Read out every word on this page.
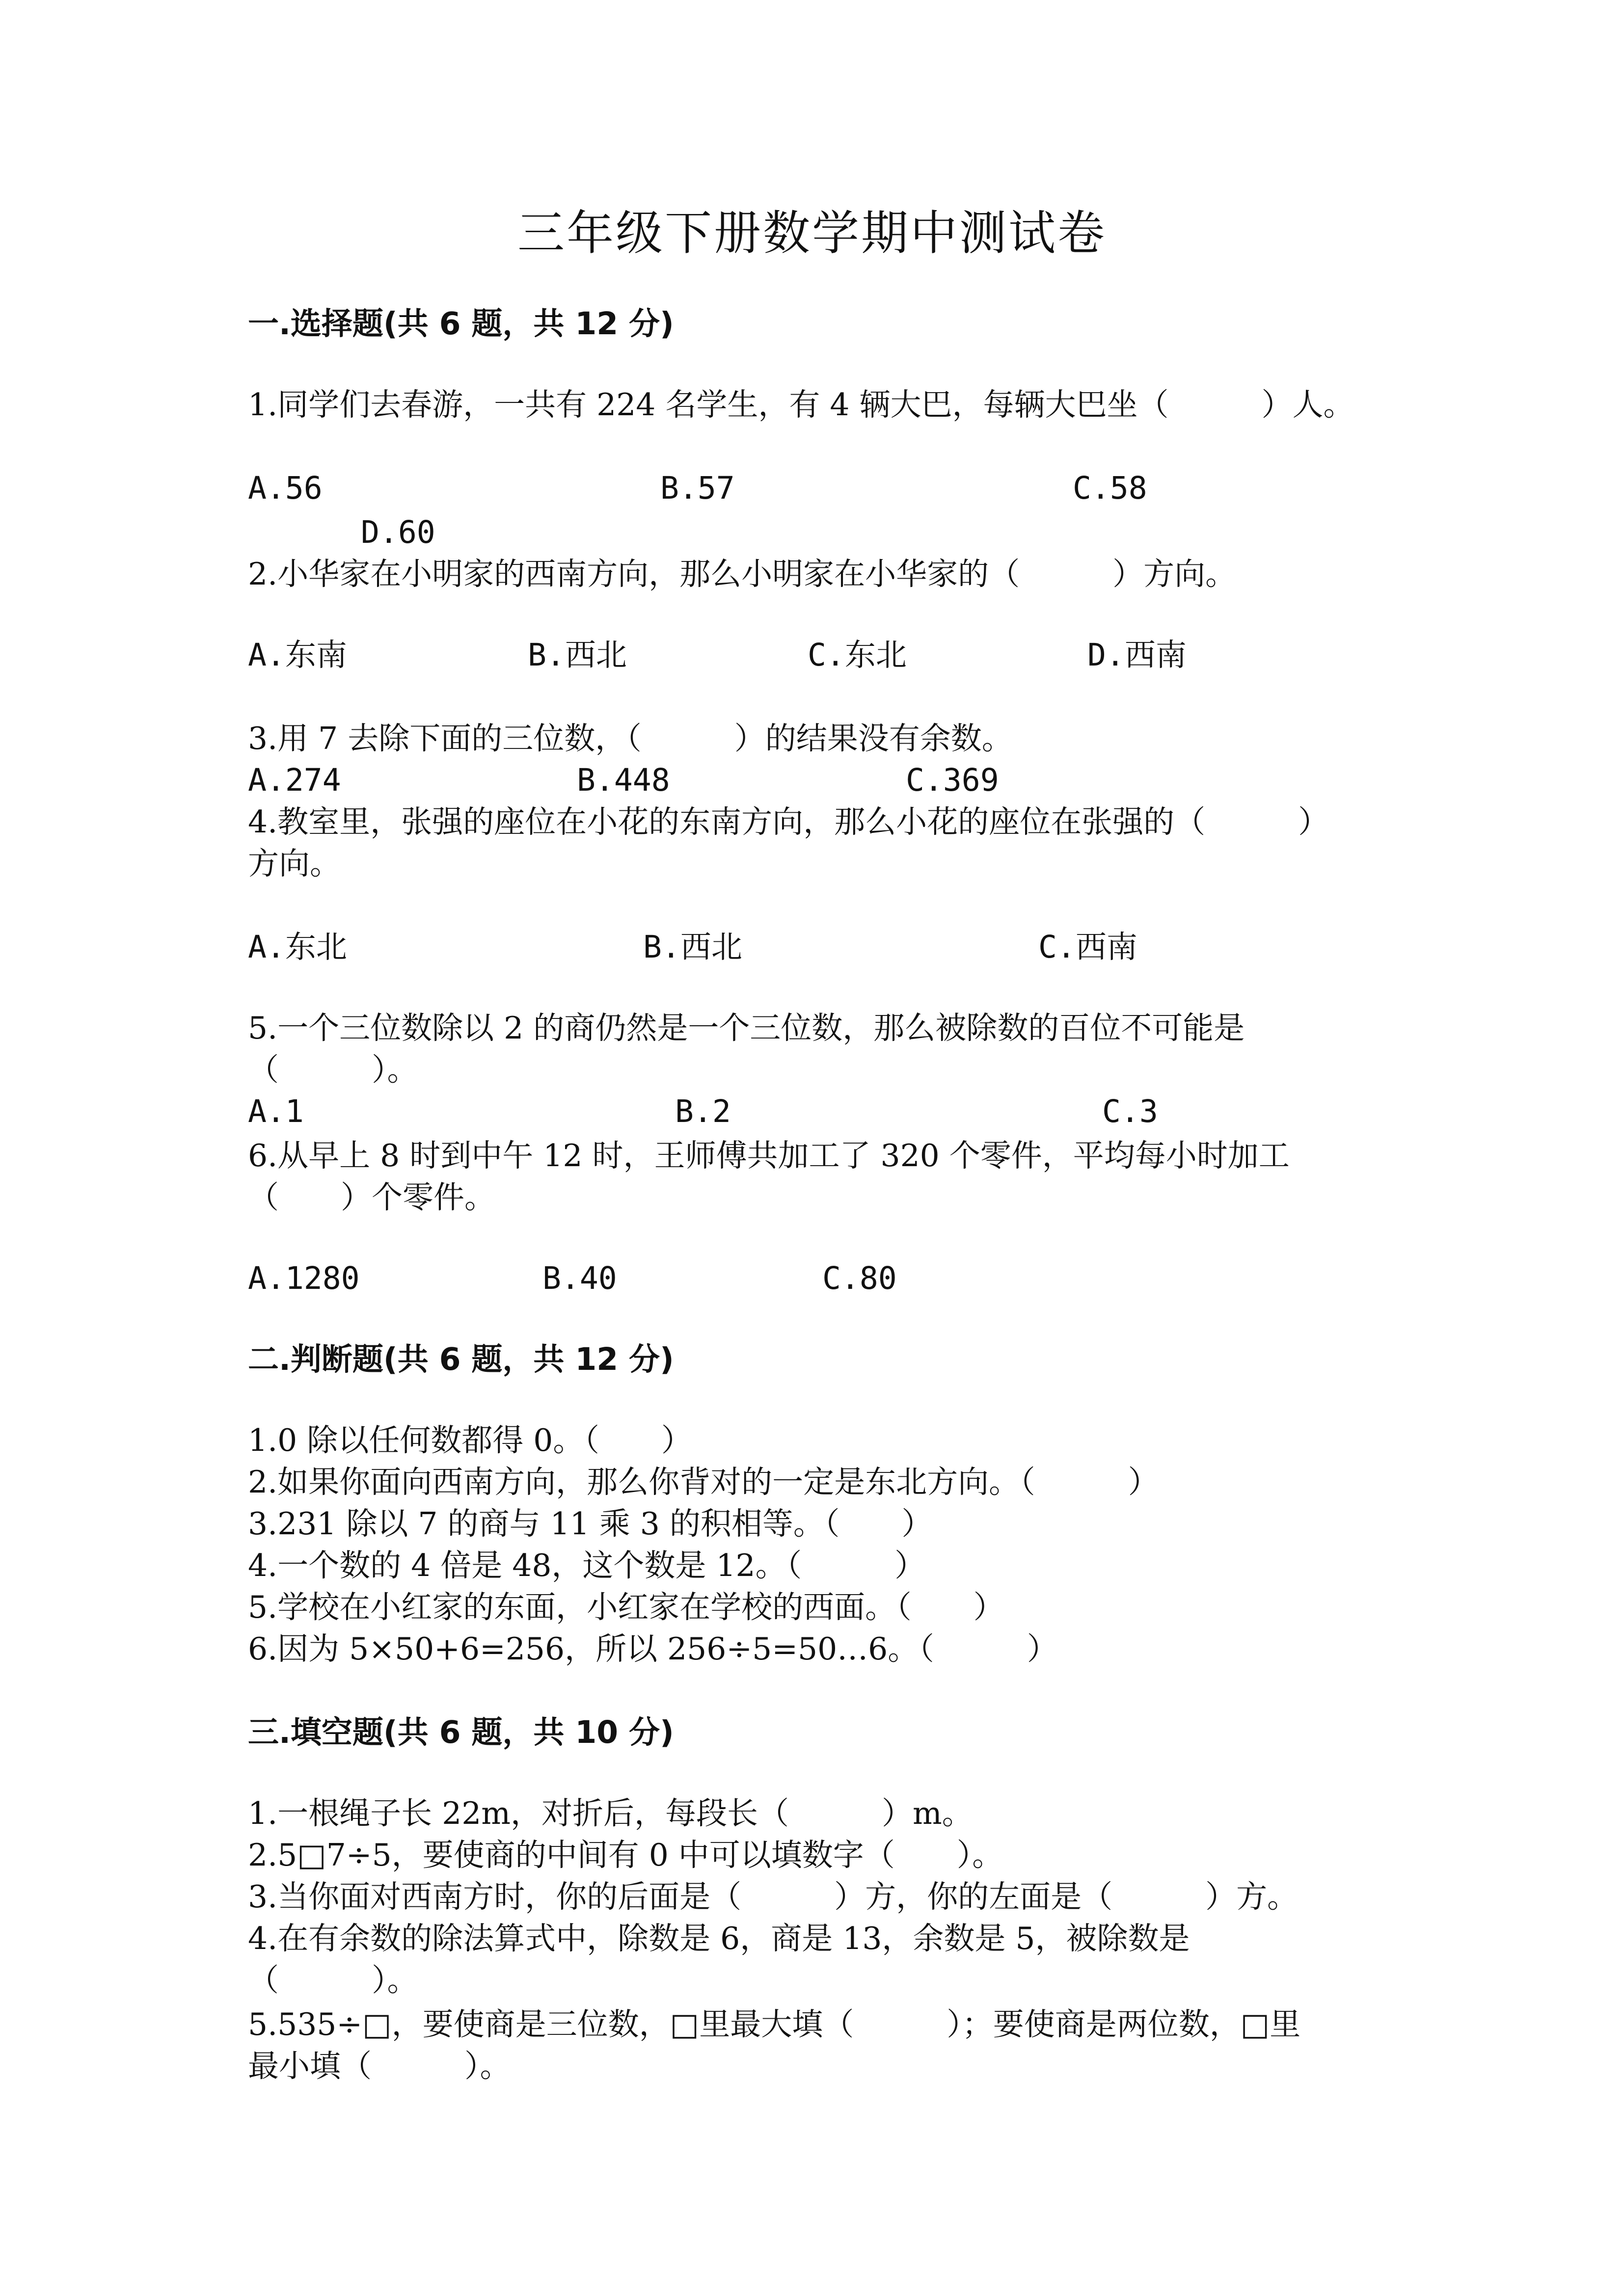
三年级下册数学期中测试卷
一.选择题(共 6 题，共 12 分)
1.同学们去春游，一共有 224 名学生，有 4 辆大巴，每辆大巴坐（　　　）人。
A.56	B.57	C.58
D.60
2.小华家在小明家的西南方向，那么小明家在小华家的（　　　）方向。
A.东南	B.西北	C.东北	D.西南
3.用 7 去除下面的三位数，（　　　）的结果没有余数。
A.274	B.448	C.369
4.教室里，张强的座位在小花的东南方向，那么小花的座位在张强的（　　　）
方向。
A.东北	B.西北	C.西南
5.一个三位数除以 2 的商仍然是一个三位数，那么被除数的百位不可能是
（　　　）。
A.1	B.2	C.3
6.从早上 8 时到中午 12 时，王师傅共加工了 320 个零件，平均每小时加工
（　　）个零件。
A.1280	B.40	C.80
二.判断题(共 6 题，共 12 分)
1.0 除以任何数都得 0。（　　）
2.如果你面向西南方向，那么你背对的一定是东北方向。（　　　）
3.231 除以 7 的商与 11 乘 3 的积相等。（　　）
4.一个数的 4 倍是 48，这个数是 12。（　　　）
5.学校在小红家的东面，小红家在学校的西面。（　　）
6.因为 5×50+6=256，所以 256÷5=50…6。（　　　）
三.填空题(共 6 题，共 10 分)
1.一根绳子长 22m，对折后，每段长（　　　）m。
2.5□7÷5，要使商的中间有 0 中可以填数字（　　）。
3.当你面对西南方时，你的后面是（　　　）方，你的左面是（　　　）方。
4.在有余数的除法算式中，除数是 6，商是 13，余数是 5，被除数是
（　　　）。
5.535÷□，要使商是三位数，□里最大填（　　　）；要使商是两位数，□里
最小填（　　　）。
